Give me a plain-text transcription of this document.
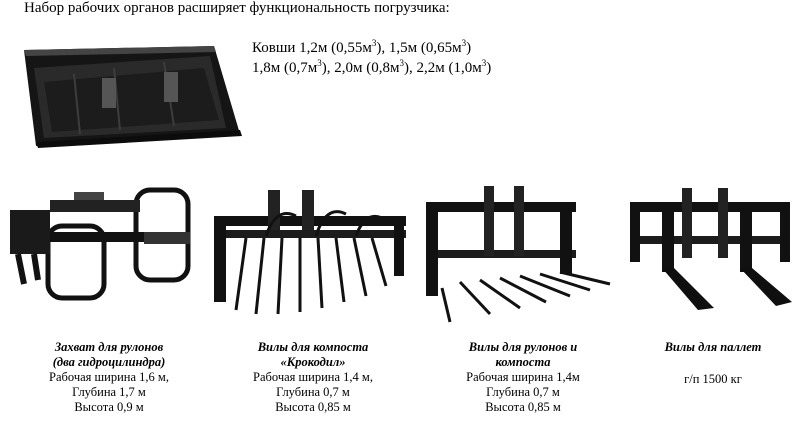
Набор рабочих органов расширяет функциональность погрузчика:
Ковши 1,2м $(0,55м^3)$, 1,5м $(0,65м^3)$
1,8м $(0,7м^3)$, 2,0м $(0,8м^3)$, 2,2м $(1,0м^3)$
Захват для рулонов
(два гидроцилиндра)
Рабочая ширина 1,6 м,
Глубина 1,7 м
Высота 0,9 м
Вилы для компоста
«Крокодил»
Рабочая ширина 1,4 м,
Глубина 0,7 м
Высота 0,85 м
Вилы для рулонов и
компоста
Рабочая ширина 1,4м
Глубина 0,7 м
Высота 0,85 м
Вилы для паллет
г/п 1500 кг
